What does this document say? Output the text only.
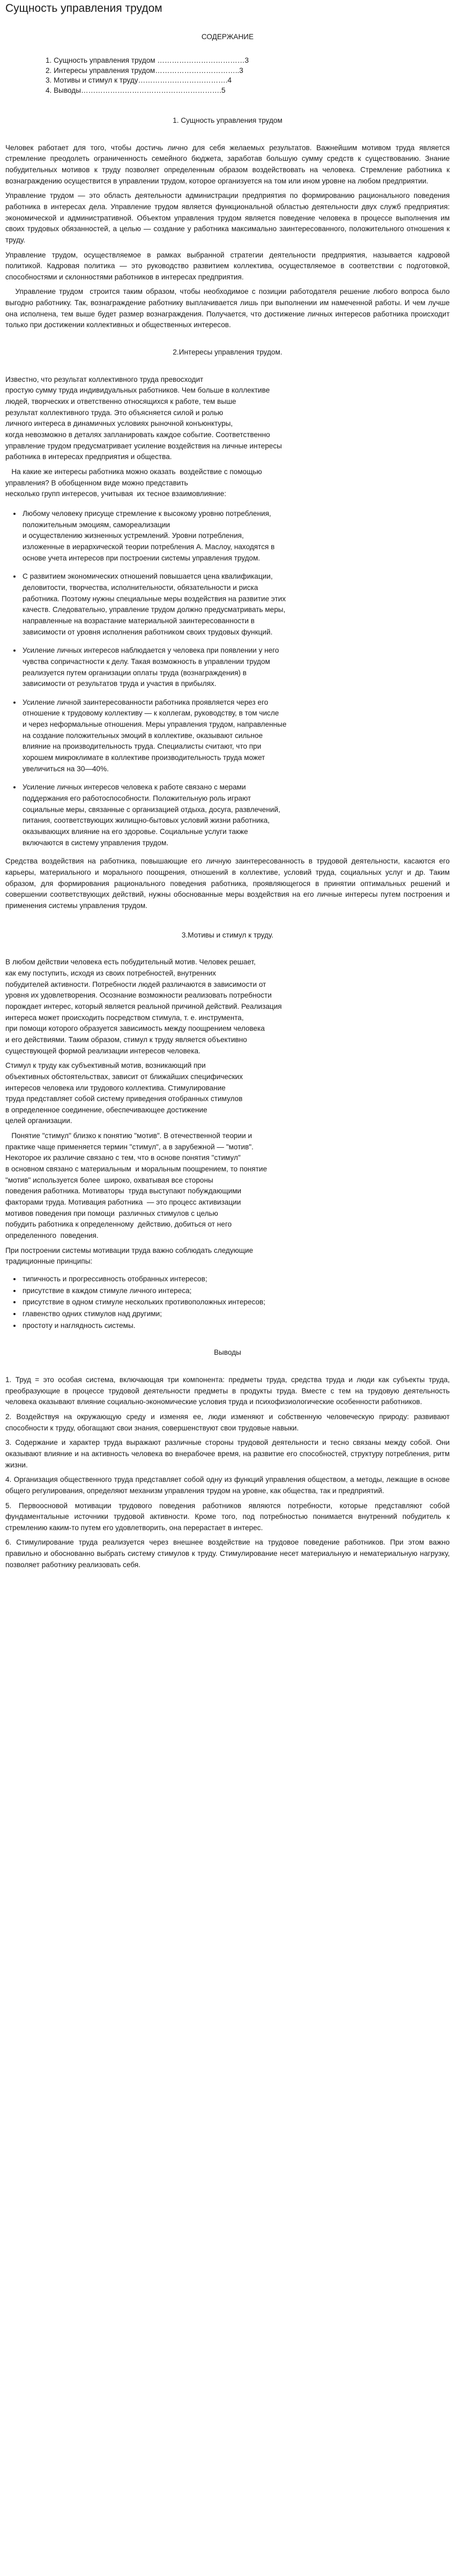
Сущность управления трудом
СОДЕРЖАНИЕ
1. Сущность управления трудом ………………………………3
2. Интересы управления трудом……………………………..3
3. Мотивы и стимул к труду……………………………….4
4. Выводы………………………………………………….5
1. Сущность управления трудом

Человек работает для того, чтобы достичь лично для себя желаемых результатов. Важнейшим мотивом труда является стремление преодолеть ограниченность семейного бюджета, заработав большую сумму средств к существованию. Знание побудительных мотивов к труду позволяет определенным образом воздействовать на человека. Стремление работника к вознаграждению осуществится в управлении трудом, которое организуется на том или ином уровне на любом предприятии.

Управление трудом — это область деятельности администрации предприятия по формированию рационального поведения работника в интересах дела. Управление трудом является функциональной областью деятельности двух служб предприятия: экономической и административной. Объектом управления трудом является поведение человека в процессе выполнения им своих трудовых обязанностей, а целью — создание у работника максимально заинтересованного, положительного отношения к труду.

Управление трудом, осуществляемое в рамках выбранной стратегии деятельности предприятия, называется кадровой политикой. Кадровая политика — это руководство развитием коллектива, осуществляемое в соответствии с подготовкой, способностями и склонностями работников в интересах предприятия.

Управление трудом  строится таким образом, чтобы необходимое с позиции работодателя решение любого вопроса было выгодно работнику. Так, вознаграждение работнику выплачивается лишь при выполнении им намеченной работы. И чем лучше она исполнена, тем выше будет размер вознаграждения. Получается, что достижение личных интересов работника происходит только при достижении коллективных и общественных интересов.

2.Интересы управления трудом.

Известно, что результат коллективного труда превосходит
простую сумму труда индивидуальных работников. Чем больше в коллективе
людей, творческих и ответственно относящихся к работе, тем выше
результат коллективного труда. Это объясняется силой и ролью
личного интереса в динамичных условиях рыночной конъюнктуры,
когда невозможно в деталях запланировать каждое событие. Соответственно
управление трудом предусматривает усиление воздействия на личные интересы
работника в интересах предприятия и общества.

На какие же интересы работника можно оказать  воздействие с помощью
управления? В обобщенном виде можно представить
несколько групп интересов, учитывая  их тесное взаимовлияние:

• Любому человеку присуще стремление к высокому уровню потребления,
положительным эмоциям, самореализации
и осуществлению жизненных устремлений. Уровни потребления,
изложенные в иерархической теории потребления А. Маслоу, находятся в
основе учета интересов при построении системы управления трудом.
• С развитием экономических отношений повышается цена квалификации,
деловитости, творчества, исполнительности, обязательности и риска
работника. Поэтому нужны специальные меры воздействия на развитие этих
качеств. Следовательно, управление трудом должно предусматривать меры,
направленные на возрастание материальной заинтересованности в
зависимости от уровня исполнения работником своих трудовых функций.
• Усиление личных интересов наблюдается у человека при появлении у него
чувства сопричастности к делу. Такая возможность в управлении трудом
реализуется путем организации оплаты труда (вознаграждения) в
зависимости от результатов труда и участия в прибылях.
• Усиление личной заинтересованности работника проявляется через его
отношение к трудовому коллективу — к коллегам, руководству, в том числе
и через неформальные отношения. Меры управления трудом, направленные
на создание положительных эмоций в коллективе, оказывают сильное
влияние на производительность труда. Специалисты считают, что при
хорошем микроклимате в коллективе производительность труда может
увеличиться на 30—40%.
• Усиление личных интересов человека к работе связано с мерами
поддержания его работоспособности. Положительную роль играют
социальные меры, связанные с организацией отдыха, досуга, развлечений,
питания, соответствующих жилищно-бытовых условий жизни работника,
оказывающих влияние на его здоровье. Социальные услуги также
включаются в систему управления трудом.

Средства воздействия на работника, повышающие его личную заинтересованность в трудовой деятельности, касаются его карьеры, материального и морального поощрения, отношений в коллективе, условий труда, социальных услуг и др. Таким образом, для формирования рационального поведения работника, проявляющегося в принятии оптимальных решений и совершении соответствующих действий, нужны обоснованные меры воздействия на его личные интересы путем построения и применения системы управления трудом.

3.Мотивы и стимул к труду.

В любом действии человека есть побудительный мотив. Человек решает,
как ему поступить, исходя из своих потребностей, внутренних
побудителей активности. Потребности людей различаются в зависимости от
уровня их удовлетворения. Осознание возможности реализовать потребности
порождает интерес, который является реальной причиной действий. Реализация
интереса может происходить посредством стимула, т. е. инструмента,
при помощи которого образуется зависимость между поощрением человека
и его действиями. Таким образом, стимул к труду является объективно
существующей формой реализации интересов человека.

Стимул к труду как субъективный мотив, возникающий при
объективных обстоятельствах, зависит от ближайших специфических
интересов человека или трудового коллектива. Стимулирование
труда представляет собой систему приведения отобранных стимулов
в определенное соединение, обеспечивающее достижение
целей организации.

Понятие "стимул" близко к понятию "мотив". В отечественной теории и
практике чаще применяется термин "стимул", а в зарубежной — "мотив".
Некоторое их различие связано с тем, что в основе понятия "стимул"
в основном связано с материальным  и моральным поощрением, то понятие
"мотив" используется более  широко, охватывая все стороны
поведения работника. Мотиваторы  труда выступают побуждающими
факторами труда. Мотивация работника  — это процесс активизации
мотивов поведения при помощи  различных стимулов с целью
побудить работника к определенному  действию, добиться от него
определенного  поведения.

При построении системы мотивации труда важно соблюдать следующие
традиционные принципы:

• типичность и прогрессивность отобранных интересов;
• присутствие в каждом стимуле личного интереса;
• присутствие в одном стимуле нескольких противоположных интересов;
• главенство одних стимулов над другими;
• простоту и наглядность системы.
Выводы

1. Труд = это особая система, включающая три компонента: предметы труда, средства труда и люди как субъекты труда, преобразующие в процессе трудовой деятельности предметы в продукты труда. Вместе с тем на трудовую деятельность человека оказывают влияние социально-экономические условия труда и психофизиологические особенности работников.

2. Воздействуя на окружающую среду и изменяя ее, люди изменяют и собственную человеческую природу: развивают способности к труду, обогащают свои знания, совершенствуют свои трудовые навыки.

3. Содержание и характер труда выражают различные стороны трудовой деятельности и тесно связаны между собой. Они оказывают влияние и на активность человека во внерабочее время, на развитие его способностей, структуру потребления, ритм жизни.

4. Организация общественного труда представляет собой одну из функций управления обществом, а методы, лежащие в основе общего регулирования, определяют механизм управления трудом на уровне, как общества, так и предприятий.

5. Первоосновой мотивации трудового поведения работников являются потребности, которые представляют собой фундаментальные источники трудовой активности. Кроме того, под потребностью понимается внутренний побудитель к стремлению каким-то путем его удовлетворить, она перерастает в интерес.

6. Стимулирование труда реализуется через внешнее воздействие на трудовое поведение работников. При этом важно правильно и обоснованно выбрать систему стимулов к труду. Стимулирование несет материальную и нематериальную нагрузку, позволяет работнику реализовать себя.
